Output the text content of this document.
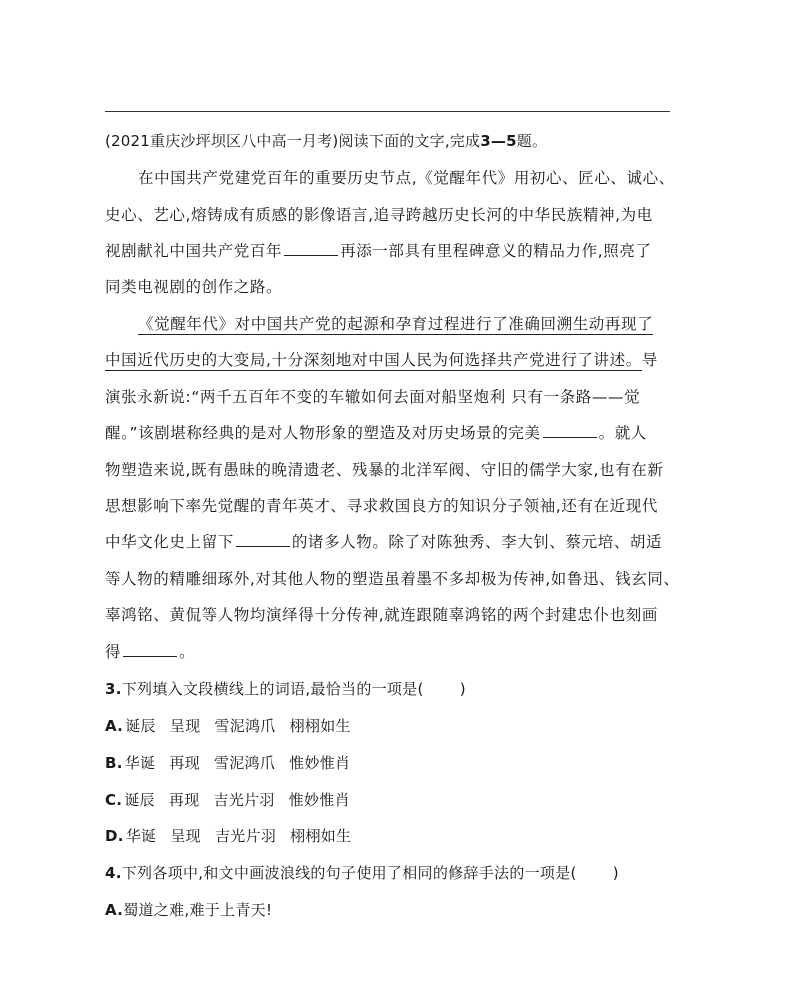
(2021重庆沙坪坝区八中高一月考)阅读下面的文字,完成3—5题。
在中国共产党建党百年的重要历史节点,《觉醒年代》用初心、匠心、诚心、
史心、艺心,熔铸成有质感的影像语言,追寻跨越历史长河的中华民族精神,为电
视剧献礼中国共产党百年	再添一部具有里程碑意义的精品力作,照亮了
同类电视剧的创作之路。
《觉醒年代》对中国共产党的起源和孕育过程进行了准确回溯生动再现了
中国近代历史的大变局,十分深刻地对中国人民为何选择共产党进行了讲述。导
演张永新说:“两千五百年不变的车辙如何去面对船坚炮利 只有一条路——觉
醒。”该剧堪称经典的是对人物形象的塑造及对历史场景的完美	。就人
物塑造来说,既有愚昧的晚清遗老、残暴的北洋军阀、守旧的儒学大家,也有在新
思想影响下率先觉醒的青年英才、寻求救国良方的知识分子领袖,还有在近现代
中华文化史上留下	的诸多人物。除了对陈独秀、李大钊、蔡元培、胡适
等人物的精雕细琢外,对其他人物的塑造虽着墨不多却极为传神,如鲁迅、钱玄同、
辜鸿铭、黄侃等人物均演绎得十分传神,就连跟随辜鸿铭的两个封建忠仆也刻画
得	。
3.下列填入文段横线上的词语,最恰当的一项是( )
A. 诞辰 呈现 雪泥鸿爪 栩栩如生
B. 华诞 再现 雪泥鸿爪 惟妙惟肖
C. 诞辰 再现 吉光片羽 惟妙惟肖
D. 华诞 呈现 吉光片羽 栩栩如生
4.下列各项中,和文中画波浪线的句子使用了相同的修辞手法的一项是( )
A.蜀道之难,难于上青天!
